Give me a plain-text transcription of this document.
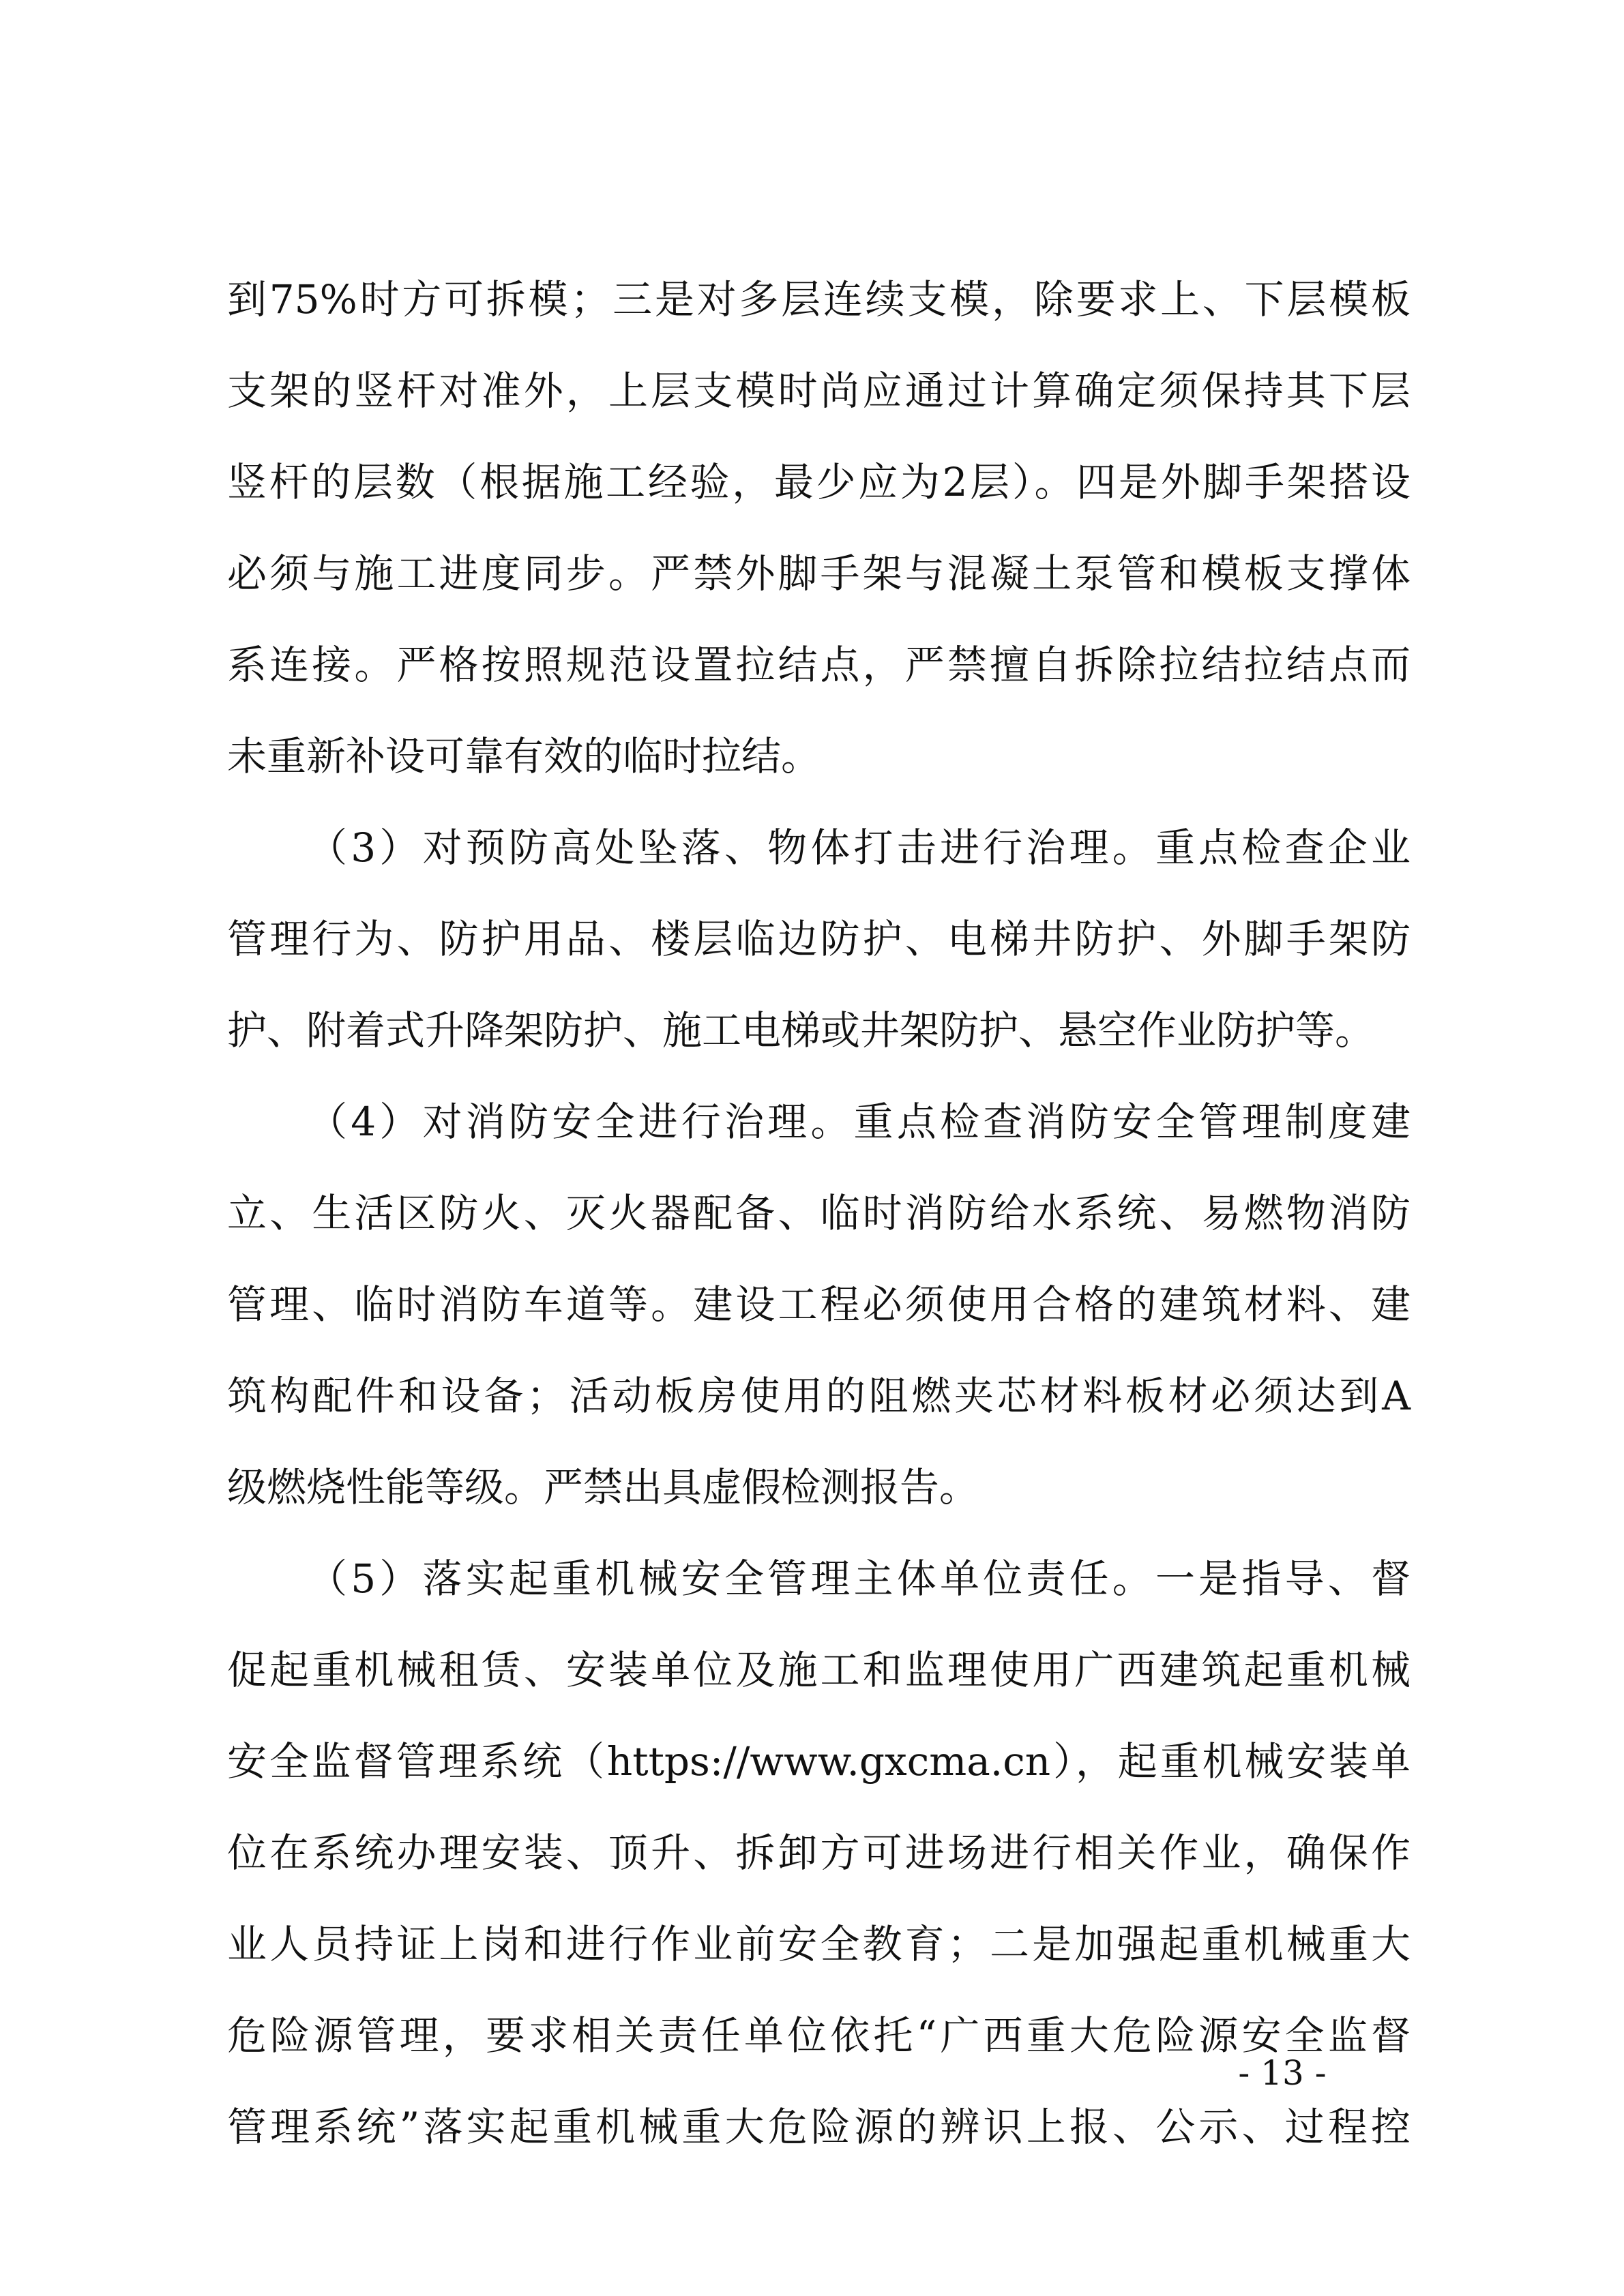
到75%时方可拆模；三是对多层连续支模，除要求上、下层模板
支架的竖杆对准外，上层支模时尚应通过计算确定须保持其下层
竖杆的层数（根据施工经验，最少应为2层）。四是外脚手架搭设
必须与施工进度同步。严禁外脚手架与混凝土泵管和模板支撑体
系连接。严格按照规范设置拉结点，严禁擅自拆除拉结拉结点而
未重新补设可靠有效的临时拉结。
（3）对预防高处坠落、物体打击进行治理。重点检查企业
管理行为、防护用品、楼层临边防护、电梯井防护、外脚手架防
护、附着式升降架防护、施工电梯或井架防护、悬空作业防护等。
（4）对消防安全进行治理。重点检查消防安全管理制度建
立、生活区防火、灭火器配备、临时消防给水系统、易燃物消防
管理、临时消防车道等。建设工程必须使用合格的建筑材料、建
筑构配件和设备；活动板房使用的阻燃夹芯材料板材必须达到A
级燃烧性能等级。严禁出具虚假检测报告。
（5）落实起重机械安全管理主体单位责任。一是指导、督
促起重机械租赁、安装单位及施工和监理使用广西建筑起重机械
安全监督管理系统（https://www.gxcma.cn），起重机械安装单
位在系统办理安装、顶升、拆卸方可进场进行相关作业，确保作
业人员持证上岗和进行作业前安全教育；二是加强起重机械重大
危险源管理，要求相关责任单位依托“广西重大危险源安全监督
管理系统”落实起重机械重大危险源的辨识上报、公示、过程控
- 13 -
